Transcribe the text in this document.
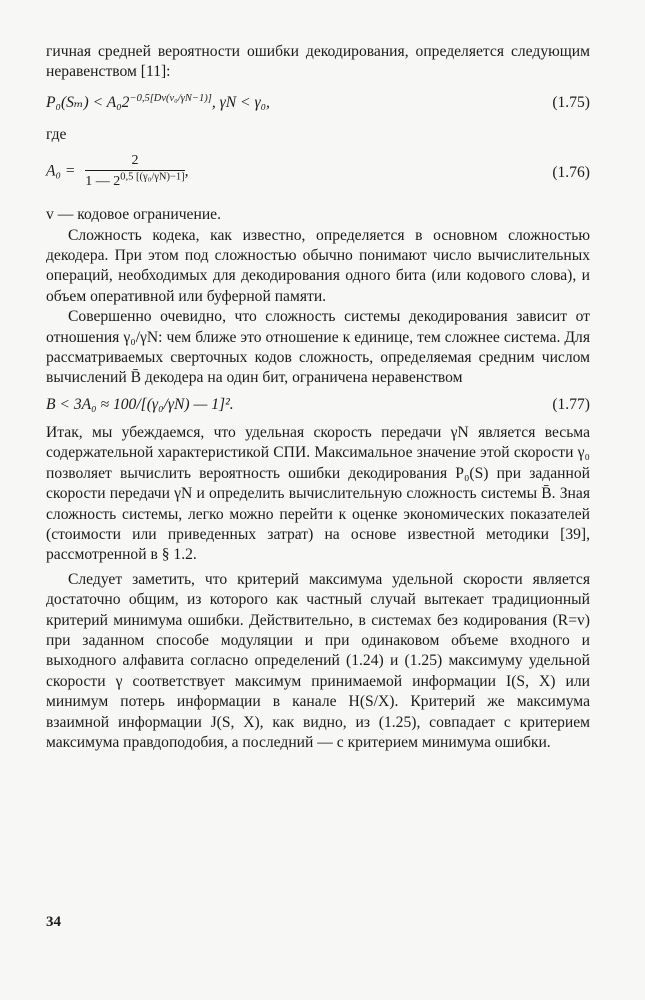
гичная средней вероятности ошибки декодирования, определяется следующим неравенством [11]:

$P_0(S_m) < A_02^{-0,5[Dv(v_0/\gamma N-1)]}$, γN < γ₀,	(1.75)

где

$A_0 = \frac{2}{1 — 2^{0,5 [(\gamma_0/\gamma N)-1]}}$ ,	(1.76)

v — кодовое ограничение.

Сложность кодека, как известно, определяется в основном сложностью декодера. При этом под сложностью обычно понимают число вычислительных операций, необходимых для декодирования одного бита (или кодового слова), и объем оперативной или буферной памяти.

Совершенно очевидно, что сложность системы декодирования зависит от отношения γ₀/γN: чем ближе это отношение к единице, тем сложнее система. Для рассматриваемых сверточных кодов сложность, определяемая средним числом вычислений B̄ декодера на один бит, ограничена неравенством

B < 3A₀ ≈ 100/[(γ₀/γN) — 1]².	(1.77)

Итак, мы убеждаемся, что удельная скорость передачи γN является весьма содержательной характеристикой СПИ. Максимальное значение этой скорости γ₀ позволяет вычислить вероятность ошибки декодирования P₀(S) при заданной скорости передачи γN и определить вычислительную сложность системы B̄. Зная сложность системы, легко можно перейти к оценке экономических показателей (стоимости или приведенных затрат) на основе известной методики [39], рассмотренной в § 1.2.

Следует заметить, что критерий максимума удельной скорости является достаточно общим, из которого как частный случай вытекает традиционный критерий минимума ошибки. Действительно, в системах без кодирования (R=v) при заданном способе модуляции и при одинаковом объеме входного и выходного алфавита согласно определений (1.24) и (1.25) максимуму удельной скорости γ соответствует максимум принимаемой информации I(S, X) или минимум потерь информации в канале H(S/X). Критерий же максимума взаимной информации J(S, X), как видно, из (1.25), совпадает с критерием максимума правдоподобия, а последний — с критерием минимума ошибки.

34
